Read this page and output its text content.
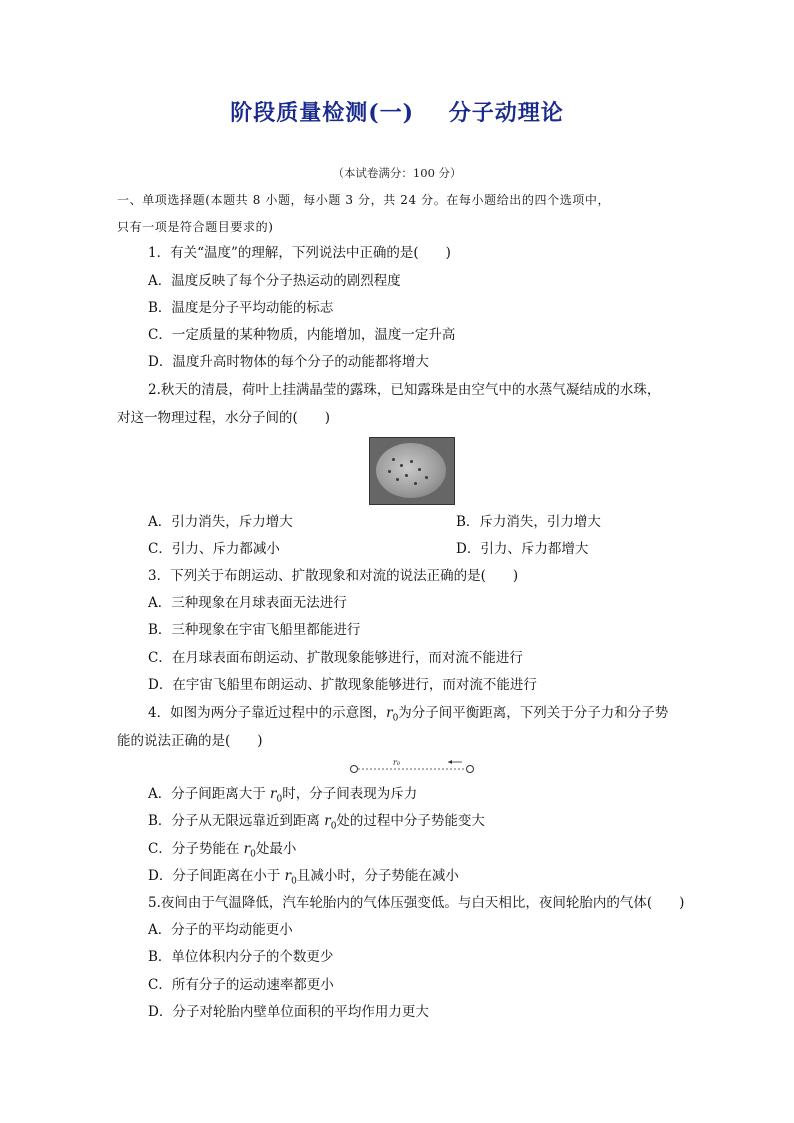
阶段质量检测(一)    分子动理论
（本试卷满分：100 分）
一、单项选择题(本题共 8 小题，每小题 3 分，共 24 分。在每小题给出的四个选项中，
只有一项是符合题目要求的)
1．有关“温度”的理解，下列说法中正确的是(　　)
A．温度反映了每个分子热运动的剧烈程度
B．温度是分子平均动能的标志
C．一定质量的某种物质，内能增加，温度一定升高
D．温度升高时物体的每个分子的动能都将增大
2.秋天的清晨，荷叶上挂满晶莹的露珠，已知露珠是由空气中的水蒸气凝结成的水珠，
对这一物理过程，水分子间的(　　)
A．引力消失，斥力增大	B．斥力消失，引力增大
C．引力、斥力都减小	D．引力、斥力都增大
3．下列关于布朗运动、扩散现象和对流的说法正确的是(　　)
A．三种现象在月球表面无法进行
B．三种现象在宇宙飞船里都能进行
C．在月球表面布朗运动、扩散现象能够进行，而对流不能进行
D．在宇宙飞船里布朗运动、扩散现象能够进行，而对流不能进行
4．如图为两分子靠近过程中的示意图，$r_0$为分子间平衡距离，下列关于分子力和分子势
能的说法正确的是(　　)
r₀
A．分子间距离大于 $r_0$时，分子间表现为斥力
B．分子从无限远靠近到距离 $r_0$处的过程中分子势能变大
C．分子势能在 $r_0$处最小
D．分子间距离在小于 $r_0$且减小时，分子势能在减小
5.夜间由于气温降低，汽车轮胎内的气体压强变低。与白天相比，夜间轮胎内的气体(　　)
A．分子的平均动能更小
B．单位体积内分子的个数更少
C．所有分子的运动速率都更小
D．分子对轮胎内壁单位面积的平均作用力更大
